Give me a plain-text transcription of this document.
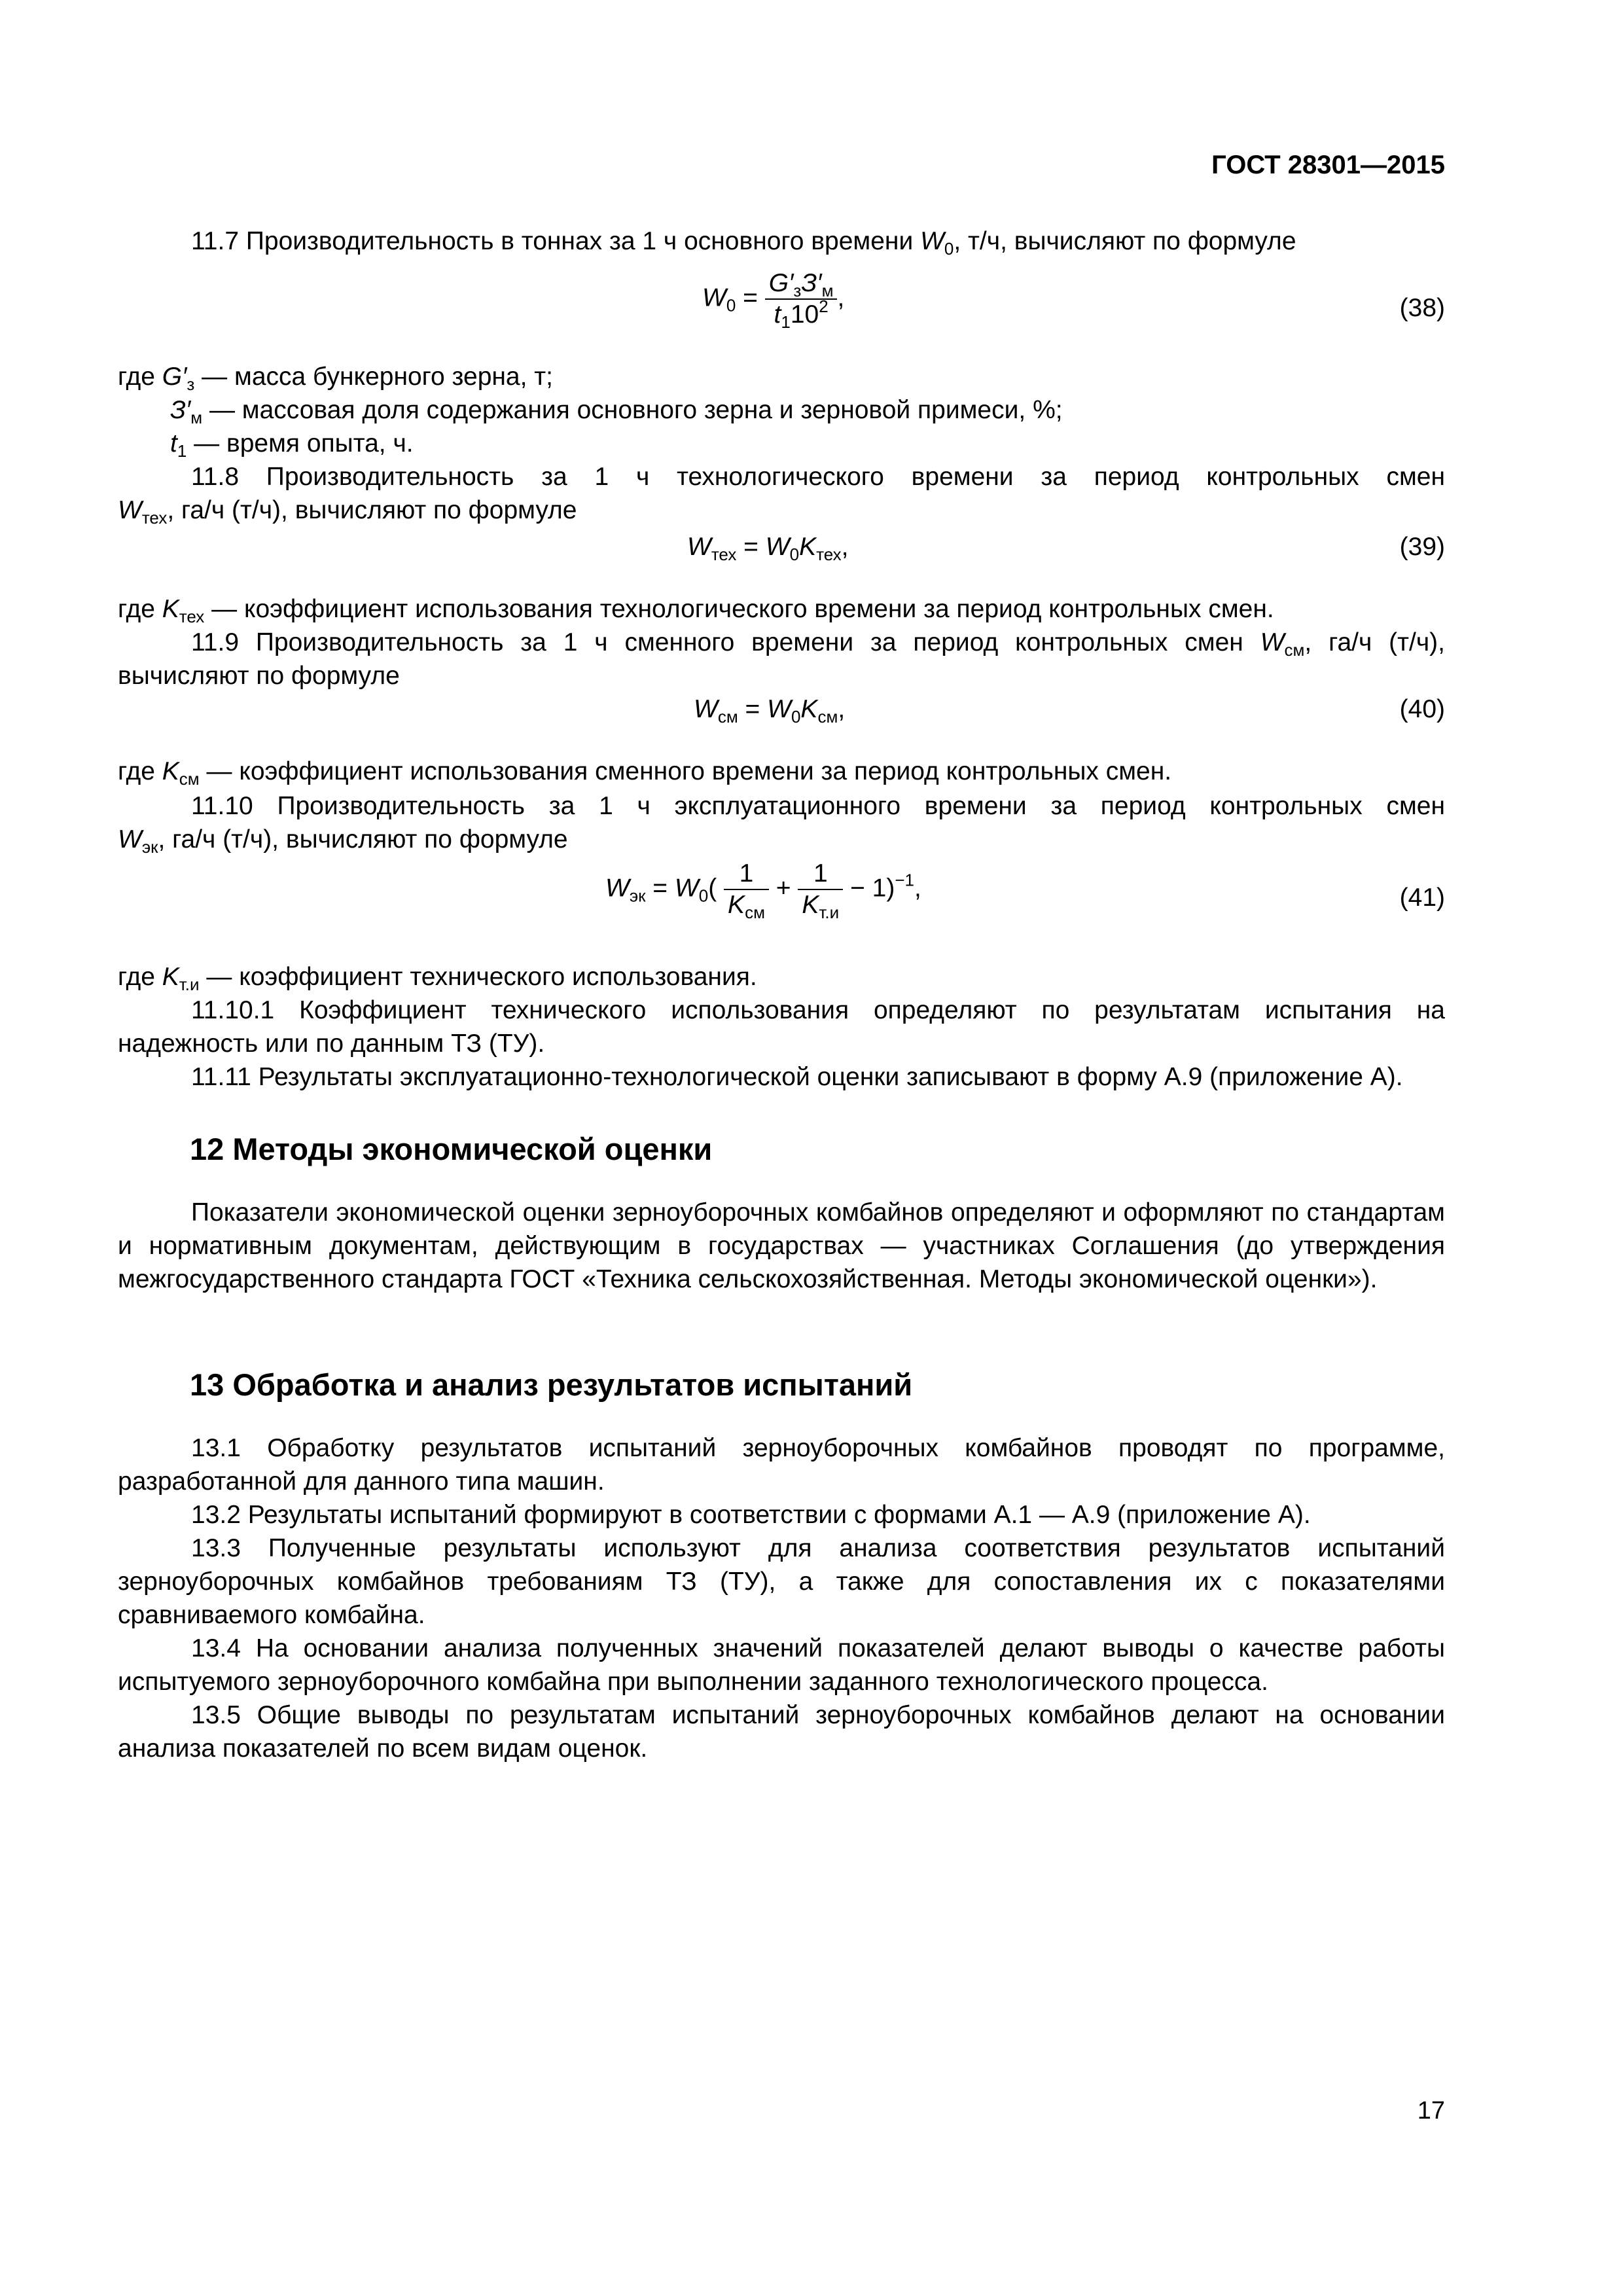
ГОСТ 28301—2015
11.7 Производительность в тоннах за 1 ч основного времени $W_0$, т/ч, вычисляют по формуле
$W_0 = \frac{G'_зЗ'_м}{t_110^2}$ ,	(38)
где $G'_з$ — масса бункерного зерна, т;
$З'_м$ — массовая доля содержания основного зерна и зерновой примеси, %;
$t_1$ — время опыта, ч.
11.8 Производительность за 1 ч технологического времени за период контрольных смен
$W_{тех}$, га/ч (т/ч), вычисляют по формуле
$W_{тех} = W_0K_{тех}$,	(39)
где $K_{тех}$ — коэффициент использования технологического времени за период контрольных смен.
11.9 Производительность за 1 ч сменного времени за период контрольных смен $W_{см}$, га/ч (т/ч),
вычисляют по формуле
$W_{см} = W_0K_{см}$,	(40)
где $K_{см}$ — коэффициент использования сменного времени за период контрольных смен.
11.10 Производительность за 1 ч эксплуатационного времени за период контрольных смен
$W_{эк}$, га/ч (т/ч), вычисляют по формуле
$W_{эк} = W_0( \frac{1}{K_{см}} + \frac{1}{K_{т.и}} - 1)^{-1}$,	(41)
где $K_{т.и}$ — коэффициент технического использования.
11.10.1 Коэффициент технического использования определяют по результатам испытания на надежность или по данным ТЗ (ТУ).
11.11 Результаты эксплуатационно-технологической оценки записывают в форму А.9 (приложение А).
12 Методы экономической оценки
Показатели экономической оценки зерноуборочных комбайнов определяют и оформляют по стандартам и нормативным документам, действующим в государствах — участниках Соглашения (до утверждения межгосударственного стандарта ГОСТ «Техника сельскохозяйственная. Методы экономической оценки»).
13 Обработка и анализ результатов испытаний
13.1 Обработку результатов испытаний зерноуборочных комбайнов проводят по программе, разработанной для данного типа машин.
13.2 Результаты испытаний формируют в соответствии с формами А.1 — А.9 (приложение А).
13.3 Полученные результаты используют для анализа соответствия результатов испытаний зерноуборочных комбайнов требованиям ТЗ (ТУ), а также для сопоставления их с показателями сравниваемого комбайна.
13.4 На основании анализа полученных значений показателей делают выводы о качестве работы испытуемого зерноуборочного комбайна при выполнении заданного технологического процесса.
13.5 Общие выводы по результатам испытаний зерноуборочных комбайнов делают на основании анализа показателей по всем видам оценок.
17
